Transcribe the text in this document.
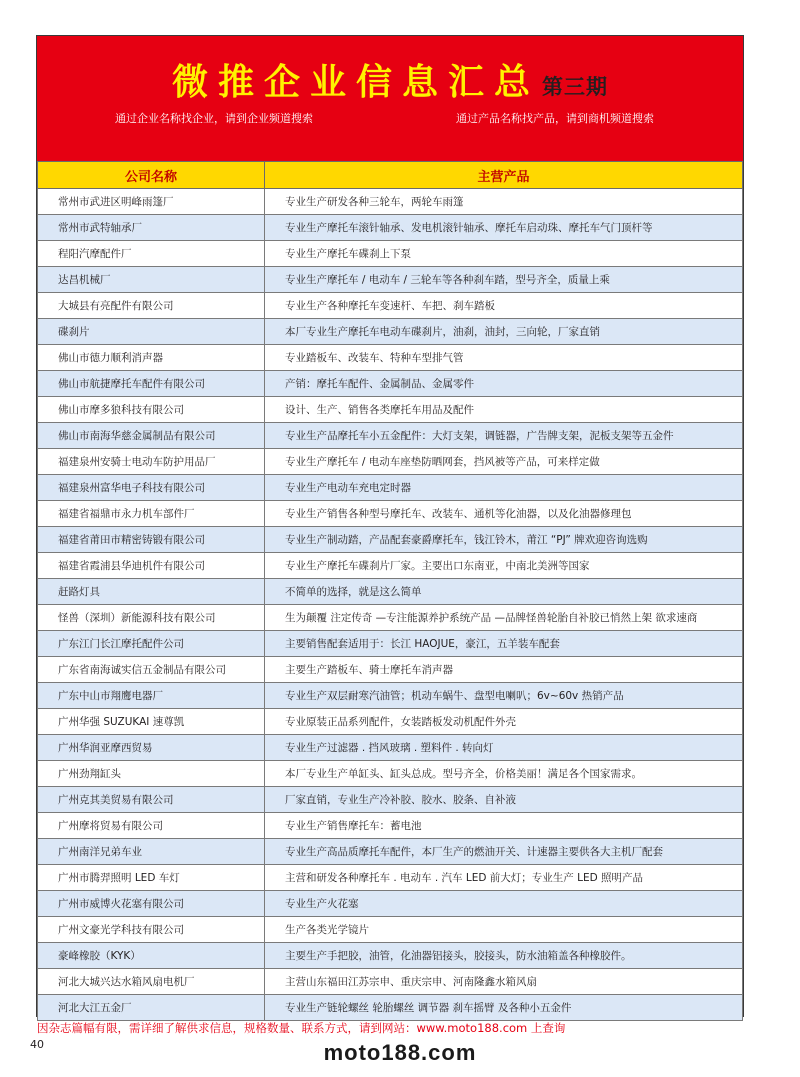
微推企业信息汇总第三期
通过企业名称找企业，请到企业频道搜索	通过产品名称找产品，请到商机频道搜索
公司名称	主营产品
常州市武进区明峰雨篷厂	专业生产研发各种三轮车，两轮车雨篷
常州市武特轴承厂	专业生产摩托车滚针轴承、发电机滚针轴承、摩托车启动珠、摩托车气门顶杆等
程阳汽摩配件厂	专业生产摩托车碟刹上下泵
达昌机械厂	专业生产摩托车 / 电动车 / 三轮车等各种刹车踏，型号齐全，质量上乘
大城县有亮配件有限公司	专业生产各种摩托车变速杆、车把、刹车踏板
碟刹片	本厂专业生产摩托车电动车碟刹片，油刹，油封，三向轮，厂家直销
佛山市德力顺利消声器	专业踏板车、改装车、特种车型排气管
佛山市航捷摩托车配件有限公司	产销：摩托车配件、金属制品、金属零件
佛山市摩多狼科技有限公司	设计、生产、销售各类摩托车用品及配件
佛山市南海华慈金属制品有限公司	专业生产品摩托车小五金配件：大灯支架，调链器，广告牌支架，泥板支架等五金件
福建泉州安骑士电动车防护用品厂	专业生产摩托车 / 电动车座垫防晒网套，挡风被等产品，可来样定做
福建泉州富华电子科技有限公司	专业生产电动车充电定时器
福建省福鼎市永力机车部件厂	专业生产销售各种型号摩托车、改装车、通机等化油器，以及化油器修理包
福建省莆田市精密铸锻有限公司	专业生产制动踏，产品配套豪爵摩托车，钱江铃木，莆江 “PJ” 牌欢迎咨询选购
福建省霞浦县华迪机件有限公司	专业生产摩托车碟刹片厂家。主要出口东南亚，中南北美洲等国家
赶路灯具	不简单的选择，就是这么简单
怪兽（深圳）新能源科技有限公司	生为颠覆 注定传奇 —专注能源养护系统产品 —品牌怪兽轮胎自补胶已悄然上架 欲求速商
广东江门长江摩托配件公司	主要销售配套适用于：长江 HAOJUE，豪江，五羊装车配套
广东省南海诚实信五金制品有限公司	主要生产踏板车、骑士摩托车消声器
广东中山市翔鹰电器厂	专业生产双层耐寒汽油管；机动车蜗牛、盘型电喇叭；6v~60v 热销产品
广州华强 SUZUKAI 速尊凯	专业原装正品系列配件，女装踏板发动机配件外壳
广州华润亚摩西贸易	专业生产过滤器 . 挡风玻璃 . 塑料件 . 转向灯
广州劲翔缸头	本厂专业生产单缸头、缸头总成。型号齐全，价格美丽！满足各个国家需求。
广州克其美贸易有限公司	厂家直销，专业生产冷补胶、胶水、胶条、自补液
广州摩将贸易有限公司	专业生产销售摩托车：蓄电池
广州南洋兄弟车业	专业生产高品质摩托车配件，本厂生产的燃油开关、计速器主要供各大主机厂配套
广州市腾羿照明 LED 车灯	主营和研发各种摩托车 . 电动车 . 汽车 LED 前大灯；专业生产 LED 照明产品
广州市威博火花塞有限公司	专业生产火花塞
广州文豪光学科技有限公司	生产各类光学镜片
豪峰橡胶（KYK）	主要生产手把胶，油管，化油器铝接头，胶接头，防水油箱盖各种橡胶件。
河北大城兴达水箱风扇电机厂	主营山东福田江苏宗申、重庆宗申、河南隆鑫水箱风扇
河北大江五金厂	专业生产链轮螺丝 轮胎螺丝 调节器 刹车摇臂 及各种小五金件
因杂志篇幅有限，需详细了解供求信息，规格数量、联系方式，请到网站：www.moto188.com 上查询
40	moto188.com
